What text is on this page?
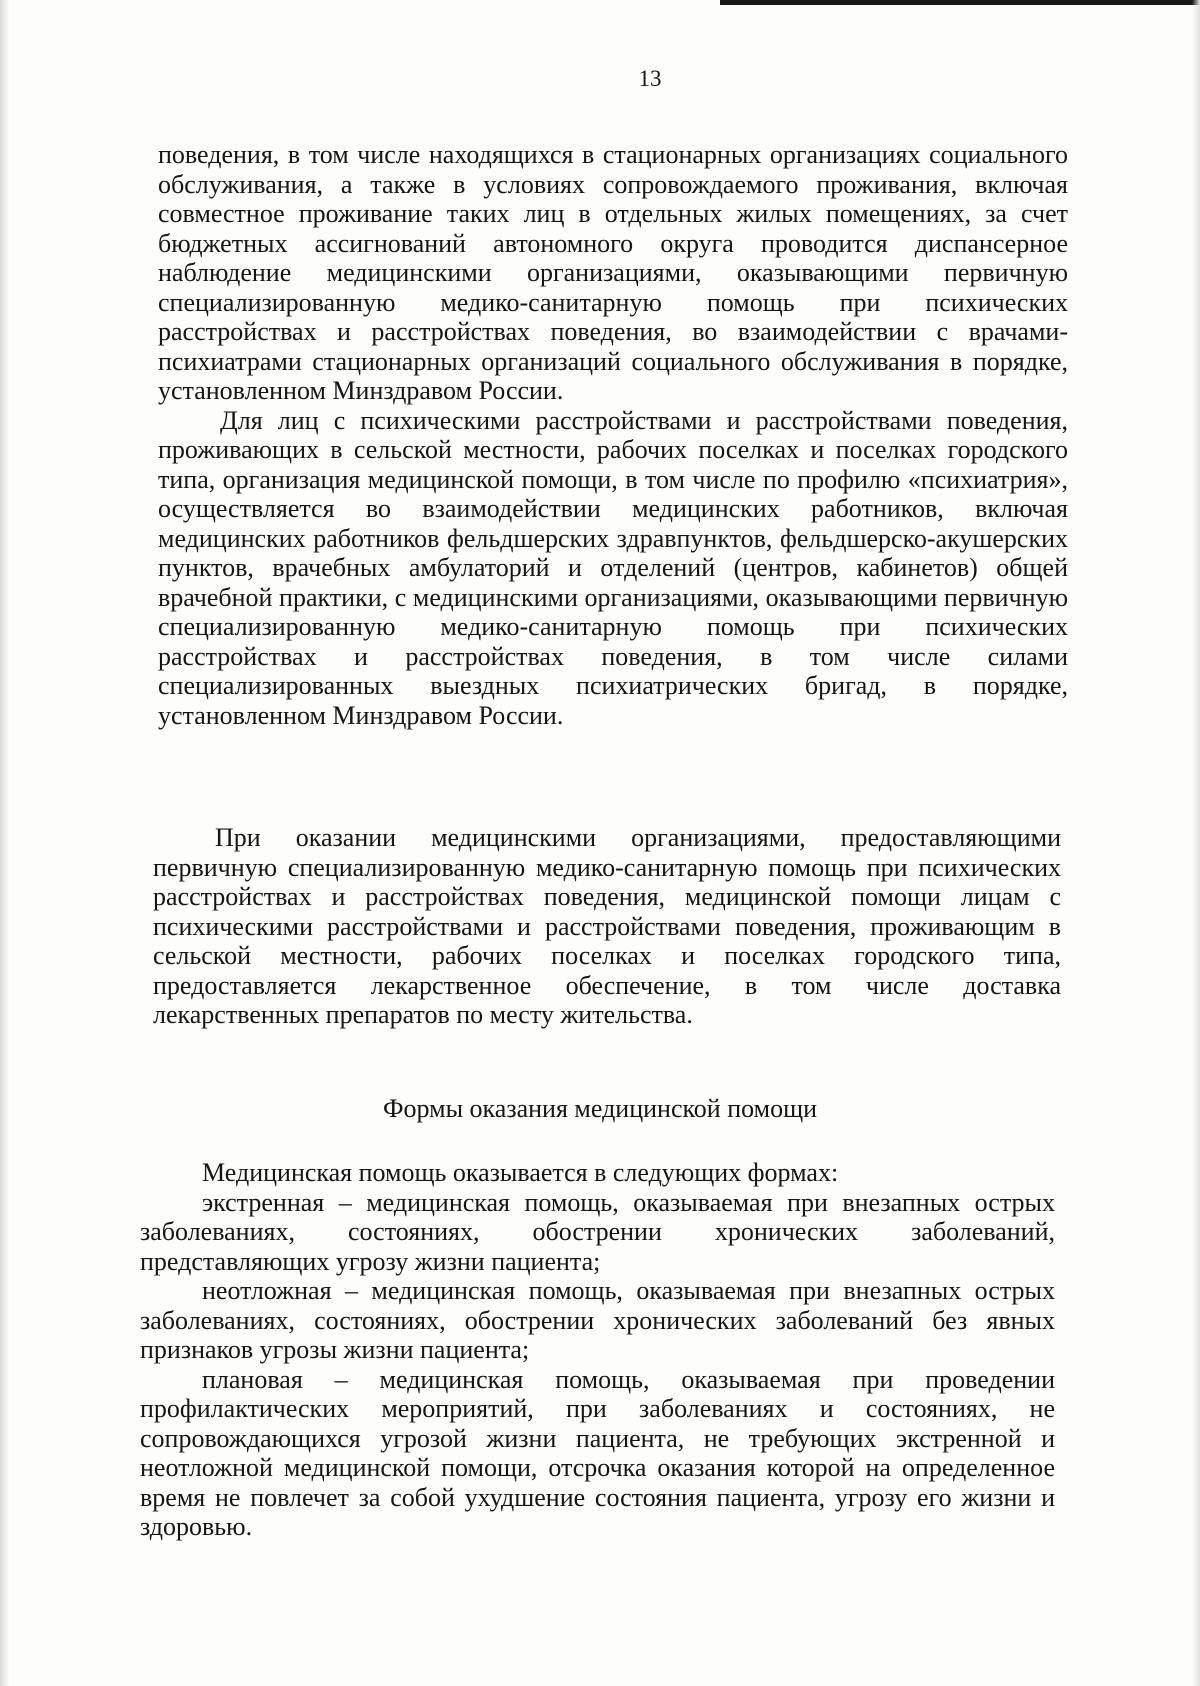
13

поведения, в том числе находящихся в стационарных организациях социального обслуживания, а также в условиях сопровождаемого проживания, включая совместное проживание таких лиц в отдельных жилых помещениях, за счет бюджетных ассигнований автономного округа проводится диспансерное наблюдение медицинскими организациями, оказывающими первичную специализированную медико-санитарную помощь при психических расстройствах и расстройствах поведения, во взаимодействии с врачами-психиатрами стационарных организаций социального обслуживания в порядке, установленном Минздравом России.

Для лиц с психическими расстройствами и расстройствами поведения, проживающих в сельской местности, рабочих поселках и поселках городского типа, организация медицинской помощи, в том числе по профилю «психиатрия», осуществляется во взаимодействии медицинских работников, включая медицинских работников фельдшерских здравпунктов, фельдшерско-акушерских пунктов, врачебных амбулаторий и отделений (центров, кабинетов) общей врачебной практики, с медицинскими организациями, оказывающими первичную специализированную медико-санитарную помощь при психических расстройствах и расстройствах поведения, в том числе силами специализированных выездных психиатрических бригад, в порядке, установленном Минздравом России.

При оказании медицинскими организациями, предоставляющими первичную специализированную медико-санитарную помощь при психических расстройствах и расстройствах поведения, медицинской помощи лицам с психическими расстройствами и расстройствами поведения, проживающим в сельской местности, рабочих поселках и поселках городского типа, предоставляется лекарственное обеспечение, в том числе доставка лекарственных препаратов по месту жительства.

Формы оказания медицинской помощи

Медицинская помощь оказывается в следующих формах:

экстренная – медицинская помощь, оказываемая при внезапных острых заболеваниях, состояниях, обострении хронических заболеваний, представляющих угрозу жизни пациента;

неотложная – медицинская помощь, оказываемая при внезапных острых заболеваниях, состояниях, обострении хронических заболеваний без явных признаков угрозы жизни пациента;

плановая – медицинская помощь, оказываемая при проведении профилактических мероприятий, при заболеваниях и состояниях, не сопровождающихся угрозой жизни пациента, не требующих экстренной и неотложной медицинской помощи, отсрочка оказания которой на определенное время не повлечет за собой ухудшение состояния пациента, угрозу его жизни и здоровью.
